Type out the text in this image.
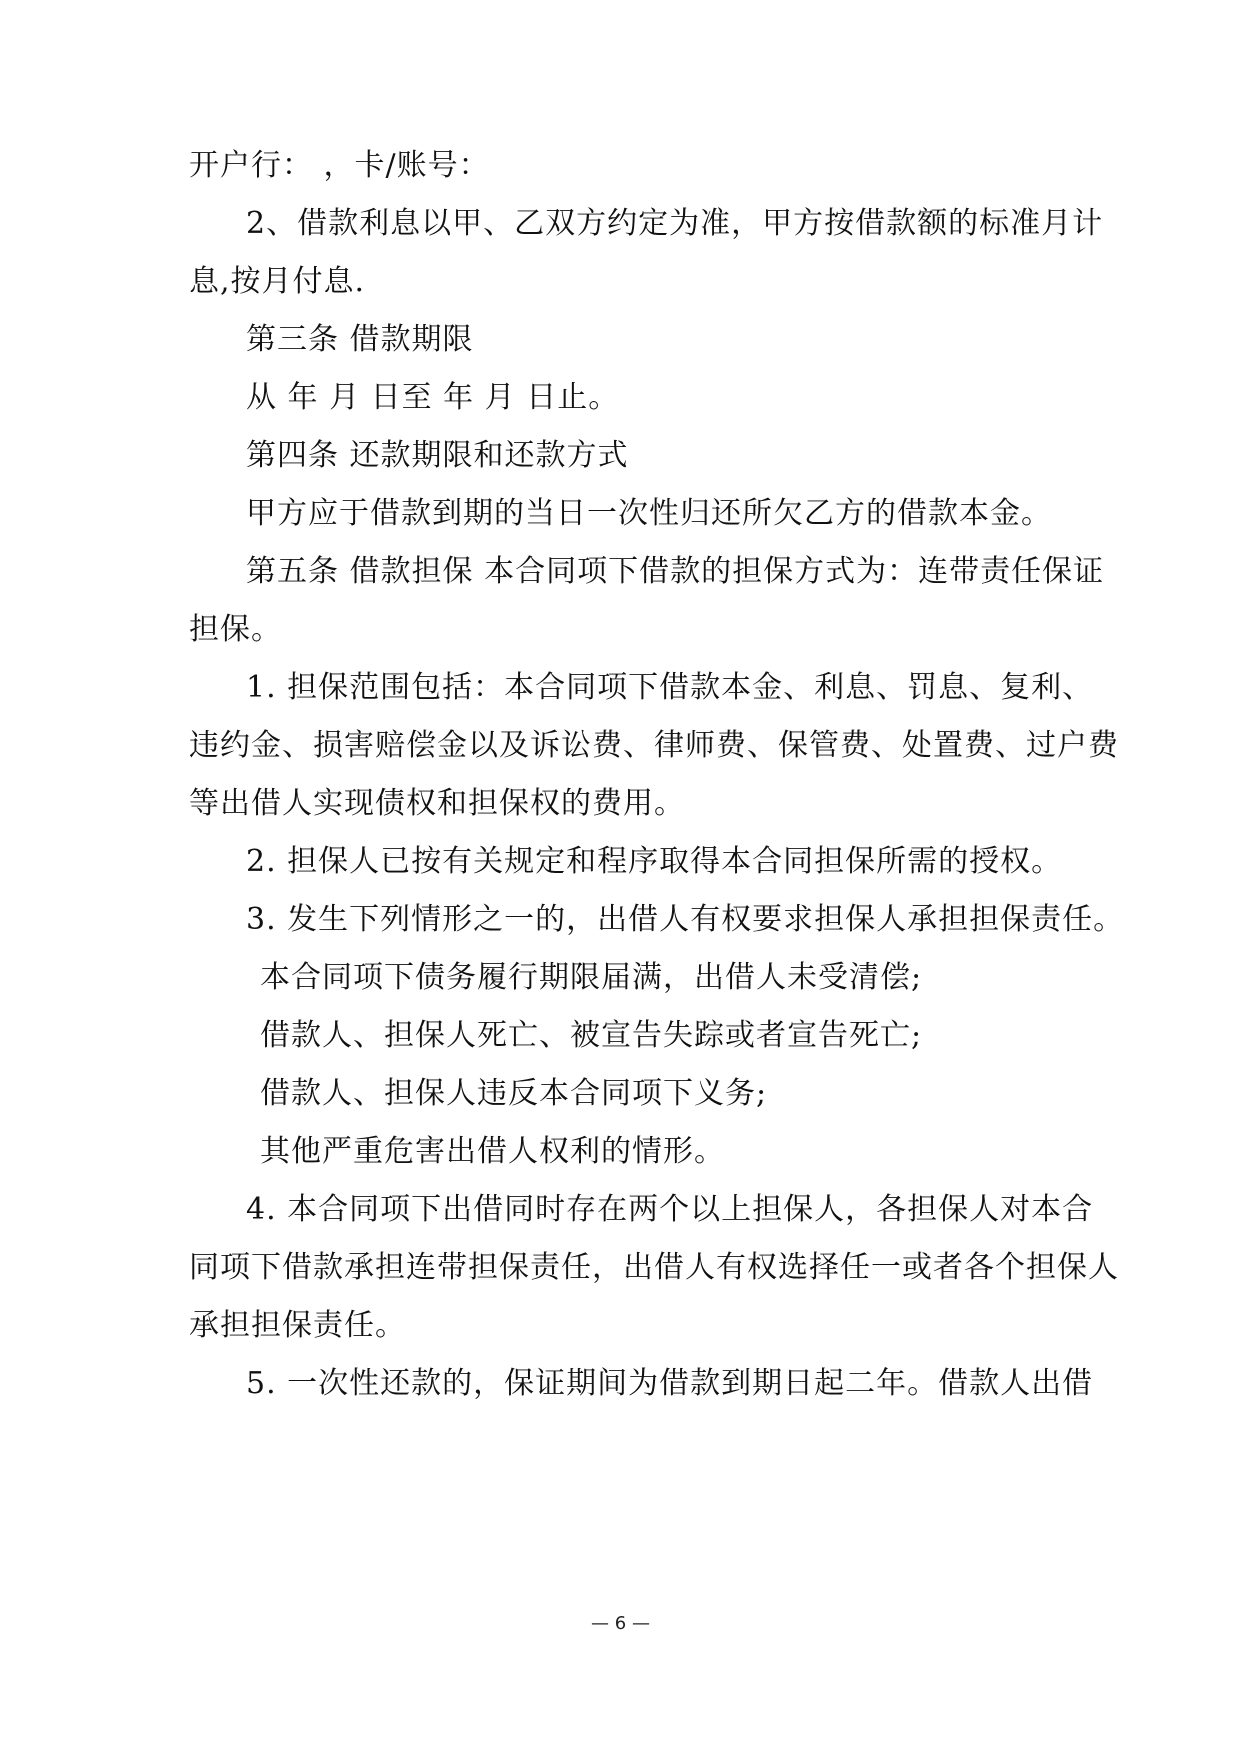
开户行： ，卡/账号：
2、借款利息以甲、乙双方约定为准，甲方按借款额的标准月计
息,按月付息.
第三条 借款期限
从 年 月 日至 年 月 日止。
第四条 还款期限和还款方式
甲方应于借款到期的当日一次性归还所欠乙方的借款本金。
第五条 借款担保 本合同项下借款的担保方式为：连带责任保证
担保。
1. 担保范围包括：本合同项下借款本金、利息、罚息、复利、
违约金、损害赔偿金以及诉讼费、律师费、保管费、处置费、过户费
等出借人实现债权和担保权的费用。
2. 担保人已按有关规定和程序取得本合同担保所需的授权。
3. 发生下列情形之一的，出借人有权要求担保人承担担保责任。
本合同项下债务履行期限届满，出借人未受清偿;
借款人、担保人死亡、被宣告失踪或者宣告死亡;
借款人、担保人违反本合同项下义务;
其他严重危害出借人权利的情形。
4. 本合同项下出借同时存在两个以上担保人，各担保人对本合
同项下借款承担连带担保责任，出借人有权选择任一或者各个担保人
承担担保责任。
5. 一次性还款的，保证期间为借款到期日起二年。借款人出借
— 6 —
